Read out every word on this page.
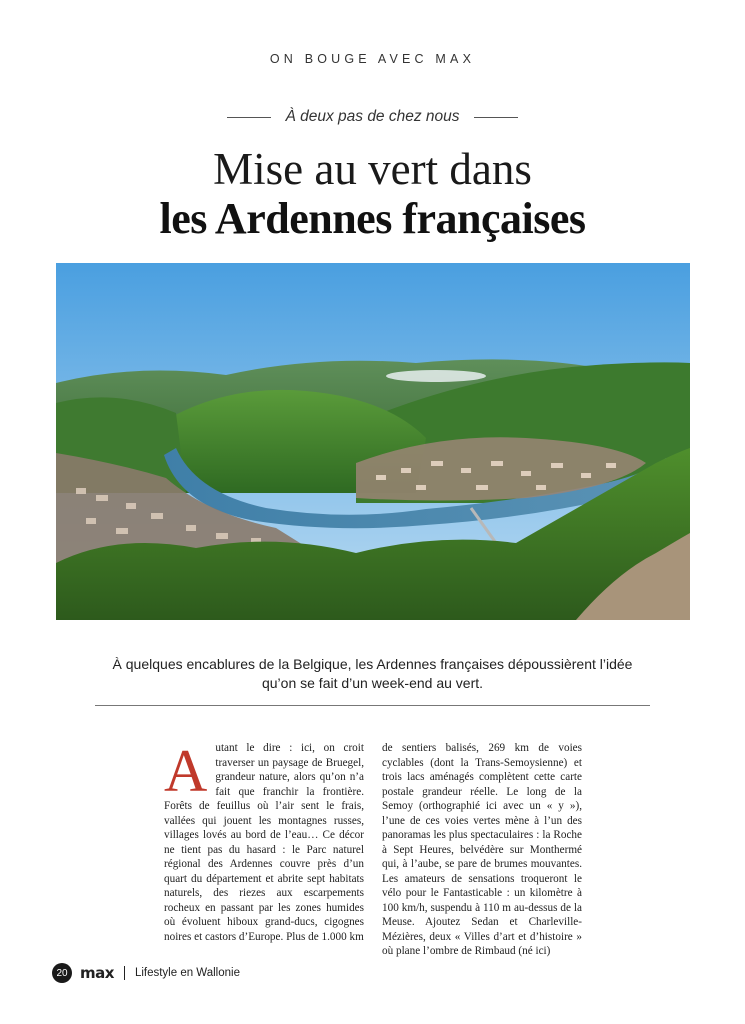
ON BOUGE AVEC MAX
À deux pas de chez nous
Mise au vert dans
les Ardennes françaises
À quelques encablures de la Belgique, les Ardennes françaises dépoussièrent l’idée
qu’on se fait d’un week-end au vert.

Autant le dire : ici, on croit traverser un paysage de Bruegel, grandeur nature, alors qu’on n’a fait que franchir la frontière. Forêts de feuillus où l’air sent le frais, vallées qui jouent les montagnes russes, villages lovés au bord de l’eau… Ce décor ne tient pas du hasard : le Parc naturel régional des Ardennes couvre près d’un quart du département et abrite sept habitats naturels, des riezes aux escarpements rocheux en passant par les zones humides où évoluent hiboux grand-ducs, cigognes noires et castors d’Europe. Plus de 1.000 km

de sentiers balisés, 269 km de voies cyclables (dont la Trans-Semoysienne) et trois lacs aménagés complètent cette carte postale grandeur réelle. Le long de la Semoy (orthographié ici avec un « y »), l’une de ces voies vertes mène à l’un des panoramas les plus spectaculaires : la Roche à Sept Heures, belvédère sur Monthermé qui, à l’aube, se pare de brumes mouvantes. Les amateurs de sensations troqueront le vélo pour le Fantasticable : un kilomètre à 100 km/h, suspendu à 110 m au-dessus de la Meuse. Ajoutez Sedan et Charleville-Mézières, deux « Villes d’art et d’histoire » où plane l’ombre de Rimbaud (né ici)

20 max Lifestyle en Wallonie
